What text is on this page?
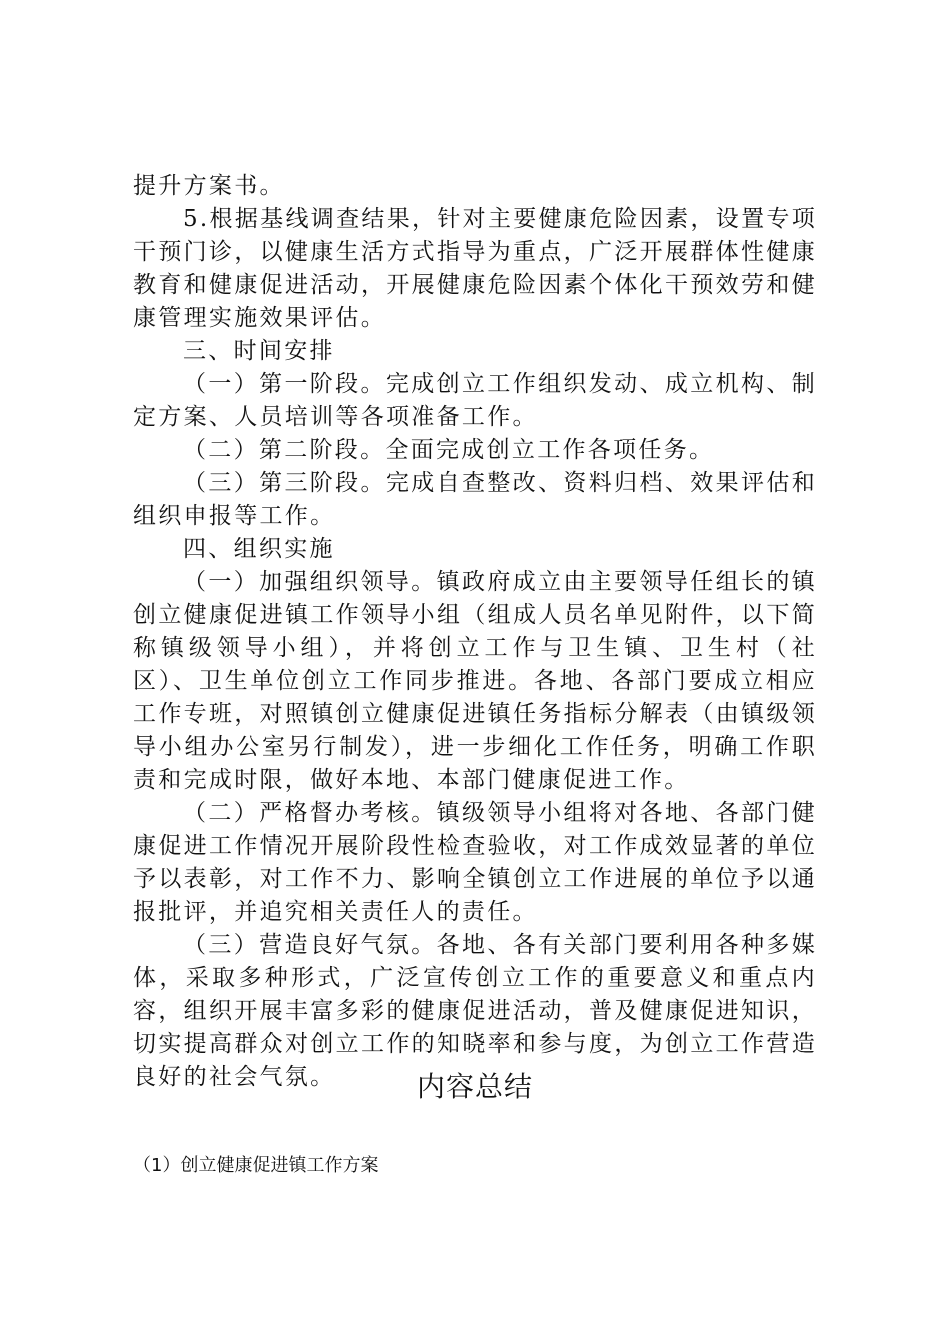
提升方案书。

5.根据基线调查结果，针对主要健康危险因素，设置专项干预门诊，以健康生活方式指导为重点，广泛开展群体性健康教育和健康促进活动，开展健康危险因素个体化干预效劳和健康管理实施效果评估。

三、时间安排

（一）第一阶段。完成创立工作组织发动、成立机构、制定方案、人员培训等各项准备工作。

（二）第二阶段。全面完成创立工作各项任务。

（三）第三阶段。完成自查整改、资料归档、效果评估和组织申报等工作。

四、组织实施

（一）加强组织领导。镇政府成立由主要领导任组长的镇创立健康促进镇工作领导小组（组成人员名单见附件，以下简称镇级领导小组），并将创立工作与卫生镇、卫生村（社区）、卫生单位创立工作同步推进。各地、各部门要成立相应工作专班，对照镇创立健康促进镇任务指标分解表（由镇级领导小组办公室另行制发），进一步细化工作任务，明确工作职责和完成时限，做好本地、本部门健康促进工作。

（二）严格督办考核。镇级领导小组将对各地、各部门健康促进工作情况开展阶段性检查验收，对工作成效显著的单位予以表彰，对工作不力、影响全镇创立工作进展的单位予以通报批评，并追究相关责任人的责任。

（三）营造良好气氛。各地、各有关部门要利用各种多媒体，采取多种形式，广泛宣传创立工作的重要意义和重点内容，组织开展丰富多彩的健康促进活动，普及健康促进知识，切实提高群众对创立工作的知晓率和参与度，为创立工作营造良好的社会气氛。	内容总结
（1）创立健康促进镇工作方案
